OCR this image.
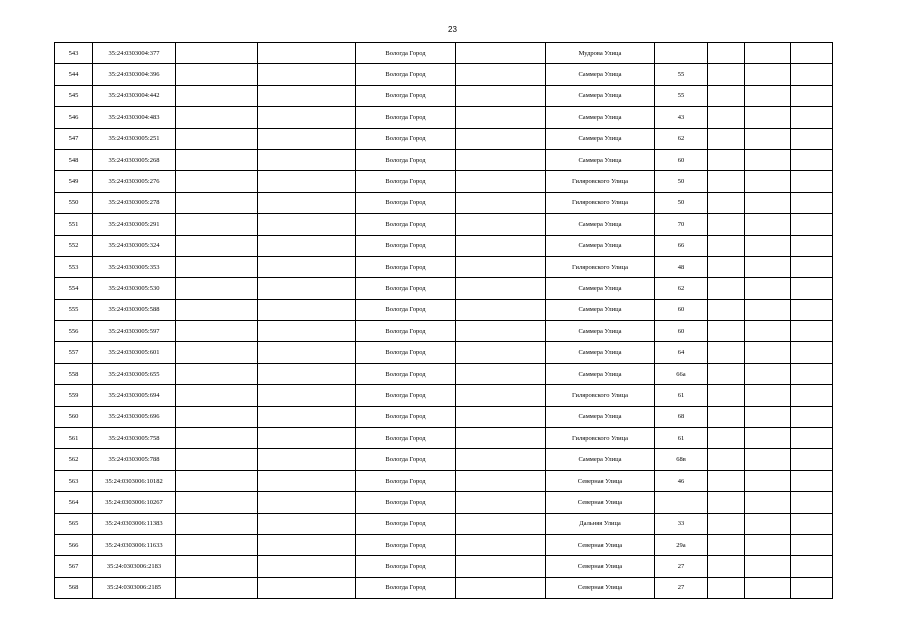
23
543	35:24:0303004:377			Вологда Город		Мудрова Улица				
544	35:24:0303004:396			Вологда Город		Саммера Улица	55			
545	35:24:0303004:442			Вологда Город		Саммера Улица	55			
546	35:24:0303004:483			Вологда Город		Саммера Улица	43			
547	35:24:0303005:251			Вологда Город		Саммера Улица	62			
548	35:24:0303005:268			Вологда Город		Саммера Улица	60			
549	35:24:0303005:276			Вологда Город		Гиляровского Улица	50			
550	35:24:0303005:278			Вологда Город		Гиляровского Улица	50			
551	35:24:0303005:291			Вологда Город		Саммера Улица	70			
552	35:24:0303005:324			Вологда Город		Саммера Улица	66			
553	35:24:0303005:353			Вологда Город		Гиляровского Улица	48			
554	35:24:0303005:530			Вологда Город		Саммера Улица	62			
555	35:24:0303005:588			Вологда Город		Саммера Улица	60			
556	35:24:0303005:597			Вологда Город		Саммера Улица	60			
557	35:24:0303005:601			Вологда Город		Саммера Улица	64			
558	35:24:0303005:655			Вологда Город		Саммера Улица	66а			
559	35:24:0303005:694			Вологда Город		Гиляровского Улица	61			
560	35:24:0303005:696			Вологда Город		Саммера Улица	68			
561	35:24:0303005:758			Вологда Город		Гиляровского Улица	61			
562	35:24:0303005:788			Вологда Город		Саммера Улица	68в			
563	35:24:0303006:10182			Вологда Город		Северная Улица	46			
564	35:24:0303006:10267			Вологда Город		Северная Улица				
565	35:24:0303006:11383			Вологда Город		Дальняя Улица	33			
566	35:24:0303006:11633			Вологда Город		Северная Улица	29а			
567	35:24:0303006:2183			Вологда Город		Северная Улица	27			
568	35:24:0303006:2185			Вологда Город		Северная Улица	27			
